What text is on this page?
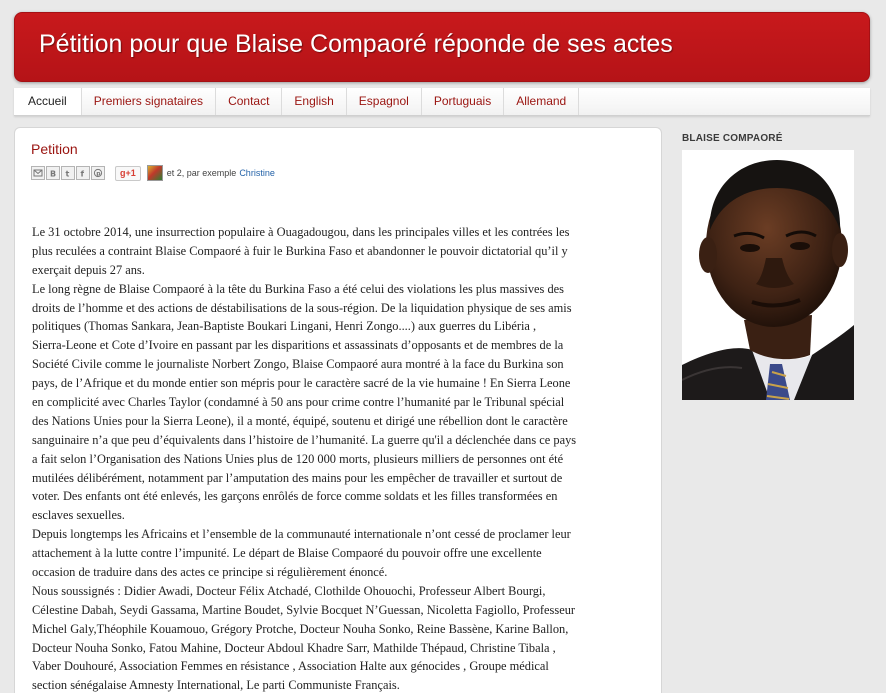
Pétition pour que Blaise Compaoré réponde de ses actes
Accueil	Premiers signataires	Contact	English	Espagnol	Portuguais	Allemand
Petition
B t f p	g+1	et 2, par exemple Christine
Le 31 octobre 2014, une insurrection populaire à Ouagadougou, dans les principales villes et les contrées les
plus reculées a contraint Blaise Compaoré à fuir le Burkina Faso et abandonner le pouvoir dictatorial qu’il y
exerçait depuis 27 ans.
Le long règne de Blaise Compaoré à la tête du Burkina Faso a été celui des violations les plus massives des
droits de l’homme et des actions de déstabilisations de la sous-région. De la liquidation physique de ses amis
politiques (Thomas Sankara, Jean-Baptiste Boukari Lingani, Henri Zongo....) aux guerres du Libéria ,
Sierra-Leone et Cote d’Ivoire en passant par les disparitions et assassinats d’opposants et de membres de la
Société Civile comme le journaliste Norbert Zongo, Blaise Compaoré aura montré à la face du Burkina son
pays, de l’Afrique et du monde entier son mépris pour le caractère sacré de la vie humaine ! En Sierra Leone
en complicité avec Charles Taylor (condamné à 50 ans pour crime contre l’humanité par le Tribunal spécial
des Nations Unies pour la Sierra Leone), il a monté, équipé, soutenu et dirigé une rébellion dont le caractère
sanguinaire n’a que peu d’équivalents dans l’histoire de l’humanité. La guerre qu'il a déclenchée dans ce pays
a fait selon l’Organisation des Nations Unies plus de 120 000 morts, plusieurs milliers de personnes ont été
mutilées délibérément, notamment par l’amputation des mains pour les empêcher de travailler et surtout de
voter. Des enfants ont été enlevés, les garçons enrôlés de force comme soldats et les filles transformées en
esclaves sexuelles.
Depuis longtemps les Africains et l’ensemble de la communauté internationale n’ont cessé de proclamer leur
attachement à la lutte contre l’impunité. Le départ de Blaise Compaoré du pouvoir offre une excellente
occasion de traduire dans des actes ce principe si régulièrement énoncé.
Nous soussignés : Didier Awadi, Docteur Félix Atchadé, Clothilde Ohouochi, Professeur Albert Bourgi,
Célestine Dabah, Seydi Gassama, Martine Boudet, Sylvie Bocquet N’Guessan, Nicoletta Fagiollo, Professeur
Michel Galy,Théophile Kouamouo, Grégory Protche, Docteur Nouha Sonko, Reine Bassène, Karine Ballon,
Docteur Nouha Sonko, Fatou Mahine, Docteur Abdoul Khadre Sarr, Mathilde Thépaud, Christine Tibala ,
Vaber Douhouré, Association Femmes en résistance , Association Halte aux génocides , Groupe médical
section sénégalaise Amnesty International, Le parti Communiste Français.
BLAISE COMPAORÉ
